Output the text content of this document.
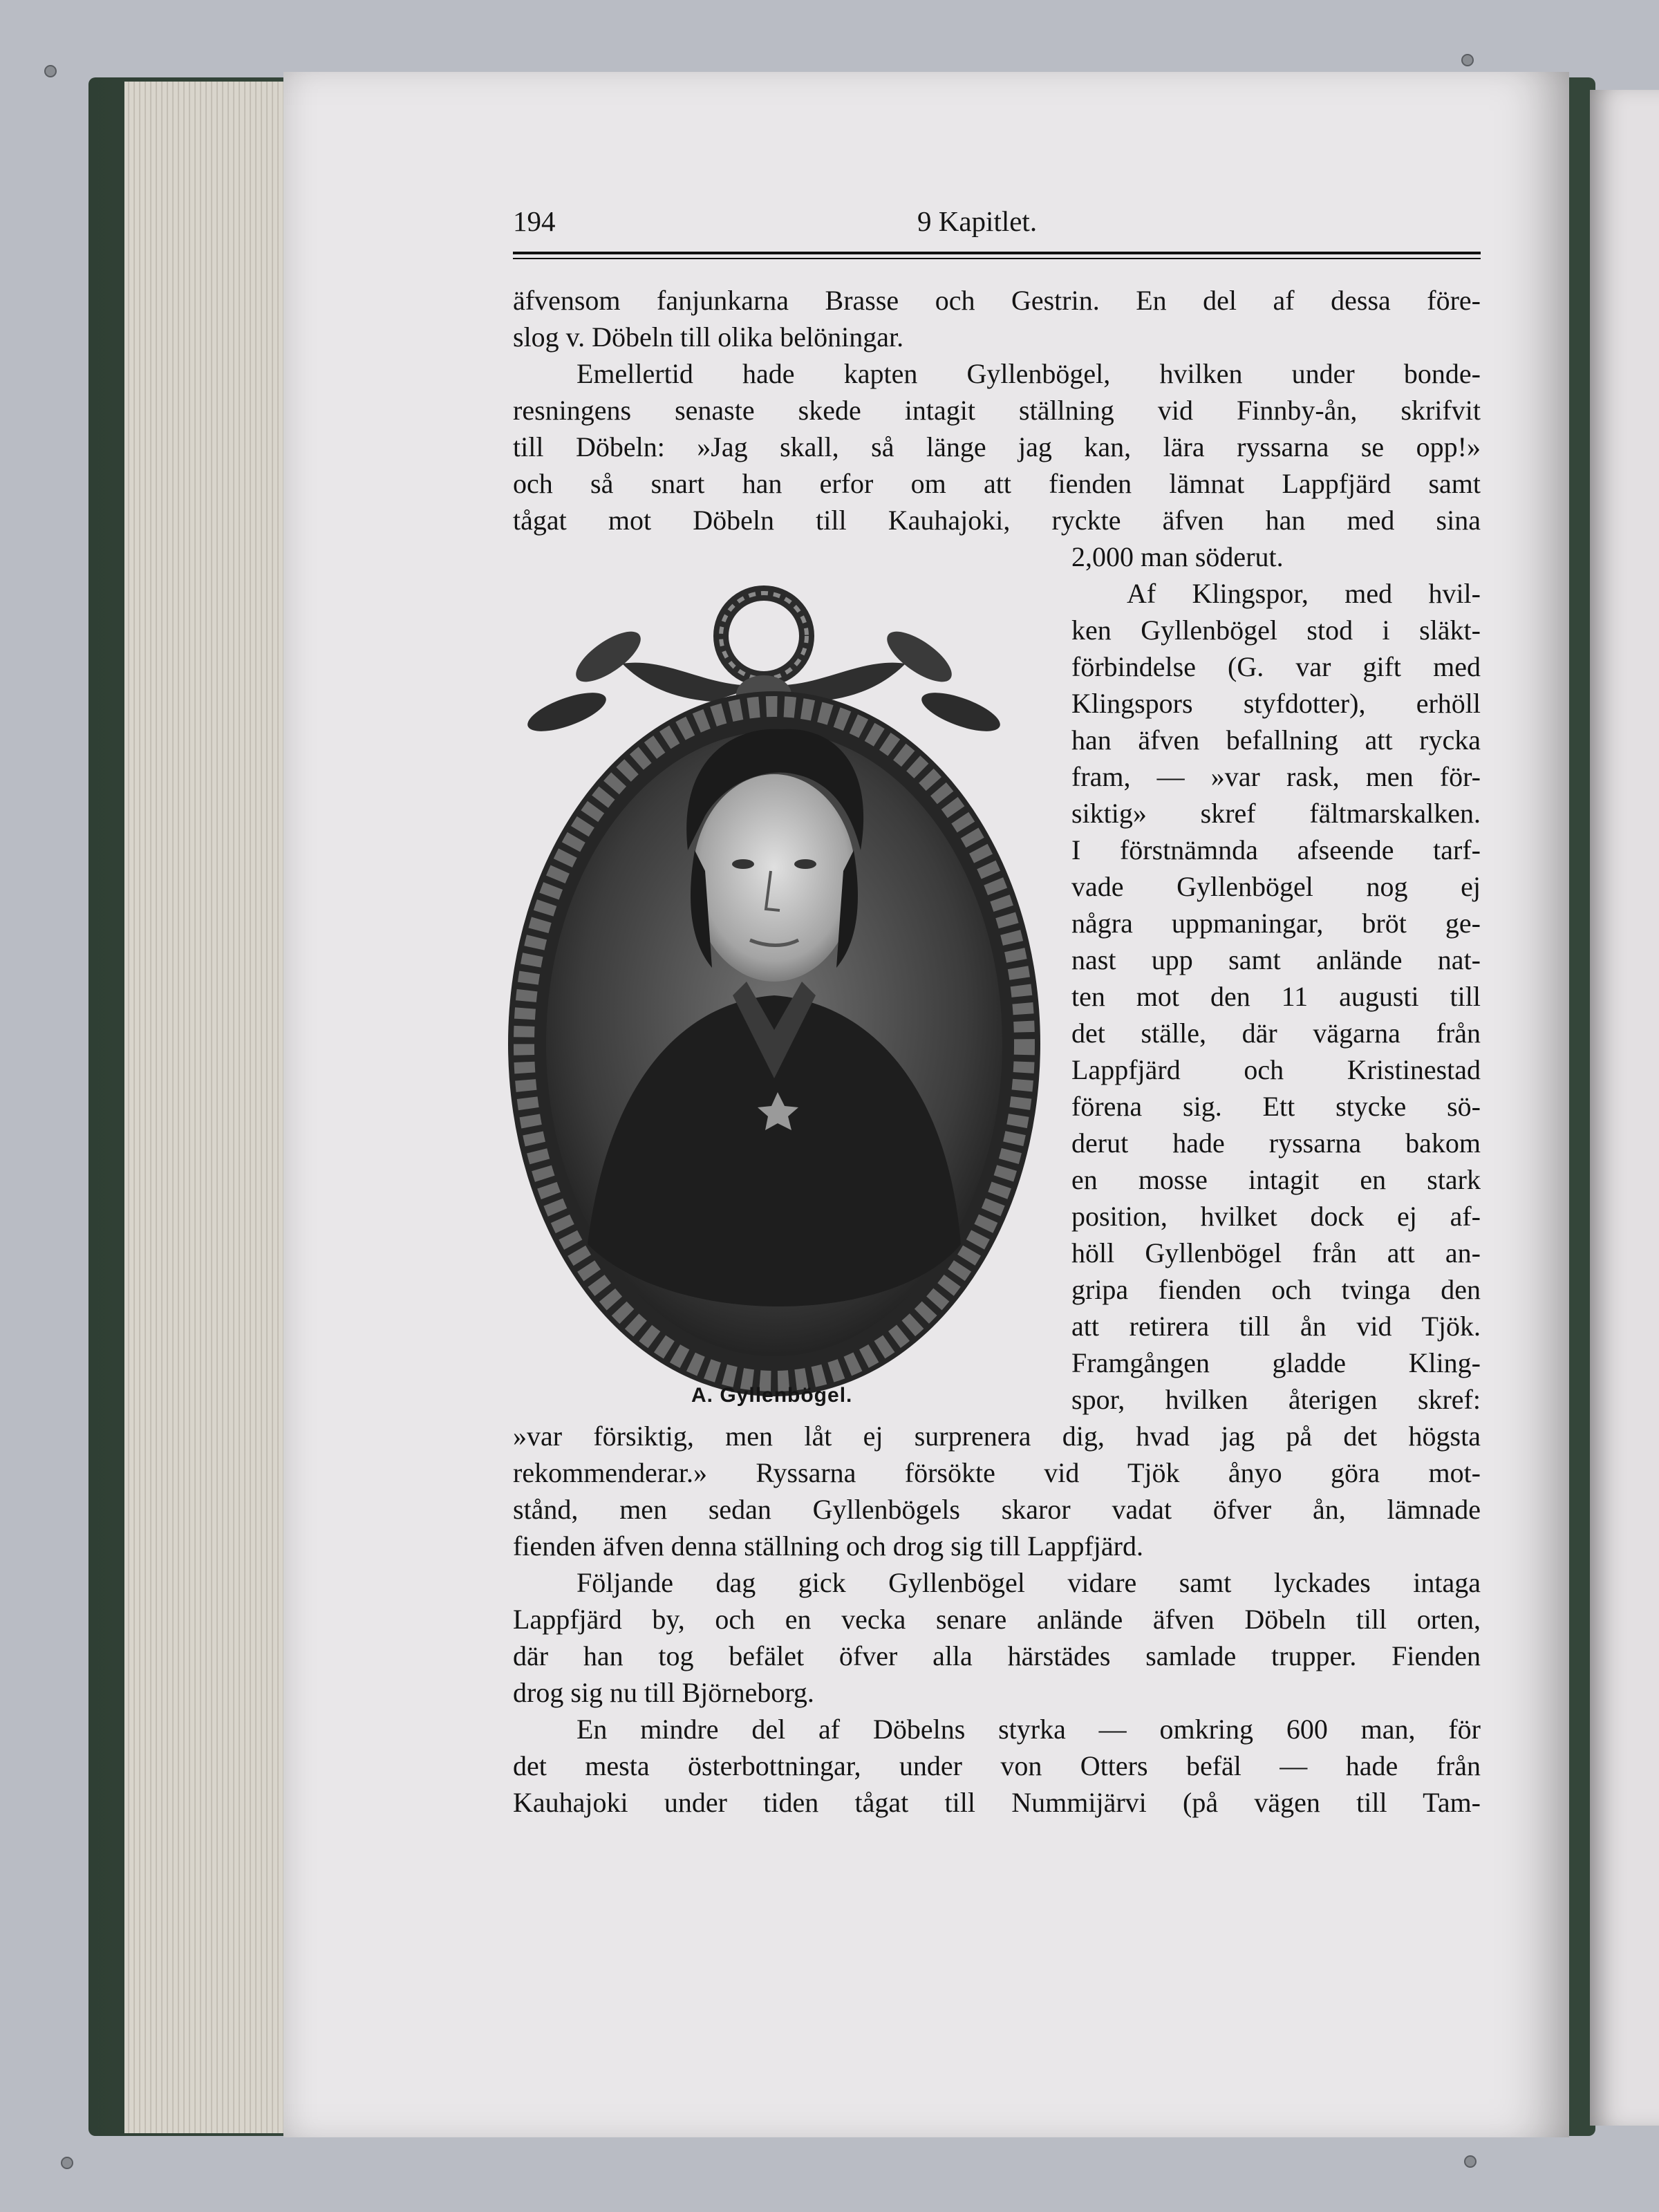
194	9 Kapitlet.
äfvensom fanjunkarna Brasse och Gestrin. En del af dessa före-
slog v. Döbeln till olika belöningar.
Emellertid hade kapten Gyllenbögel, hvilken under bonde-
resningens senaste skede intagit ställning vid Finnby-ån, skrifvit
till Döbeln: »Jag skall, så länge jag kan, lära ryssarna se opp!»
och så snart han erfor om att fienden lämnat Lappfjärd samt
tågat mot Döbeln till Kauhajoki, ryckte äfven han med sina
2,000 man söderut.
Af Klingspor, med hvil-
ken Gyllenbögel stod i släkt-
förbindelse (G. var gift med
Klingspors styfdotter), erhöll
han äfven befallning att rycka
fram, — »var rask, men för-
siktig» skref fältmarskalken.
I förstnämnda afseende tarf-
vade Gyllenbögel nog ej
några uppmaningar, bröt ge-
nast upp samt anlände nat-
ten mot den 11 augusti till
det ställe, där vägarna från
Lappfjärd och Kristinestad
förena sig. Ett stycke sö-
derut hade ryssarna bakom
en mosse intagit en stark
position, hvilket dock ej af-
höll Gyllenbögel från att an-
gripa fienden och tvinga den
att retirera till ån vid Tjök.
Framgången gladde Kling-
spor, hvilken återigen skref:
»var försiktig, men låt ej surprenera dig, hvad jag på det högsta
rekommenderar.» Ryssarna försökte vid Tjök ånyo göra mot-
stånd, men sedan Gyllenbögels skaror vadat öfver ån, lämnade
fienden äfven denna ställning och drog sig till Lappfjärd.
Följande dag gick Gyllenbögel vidare samt lyckades intaga
Lappfjärd by, och en vecka senare anlände äfven Döbeln till orten,
där han tog befälet öfver alla härstädes samlade trupper. Fienden
drog sig nu till Björneborg.
En mindre del af Döbelns styrka — omkring 600 man, för
det mesta österbottningar, under von Otters befäl — hade från
Kauhajoki under tiden tågat till Nummijärvi (på vägen till Tam-
A. Gyllenbögel.
